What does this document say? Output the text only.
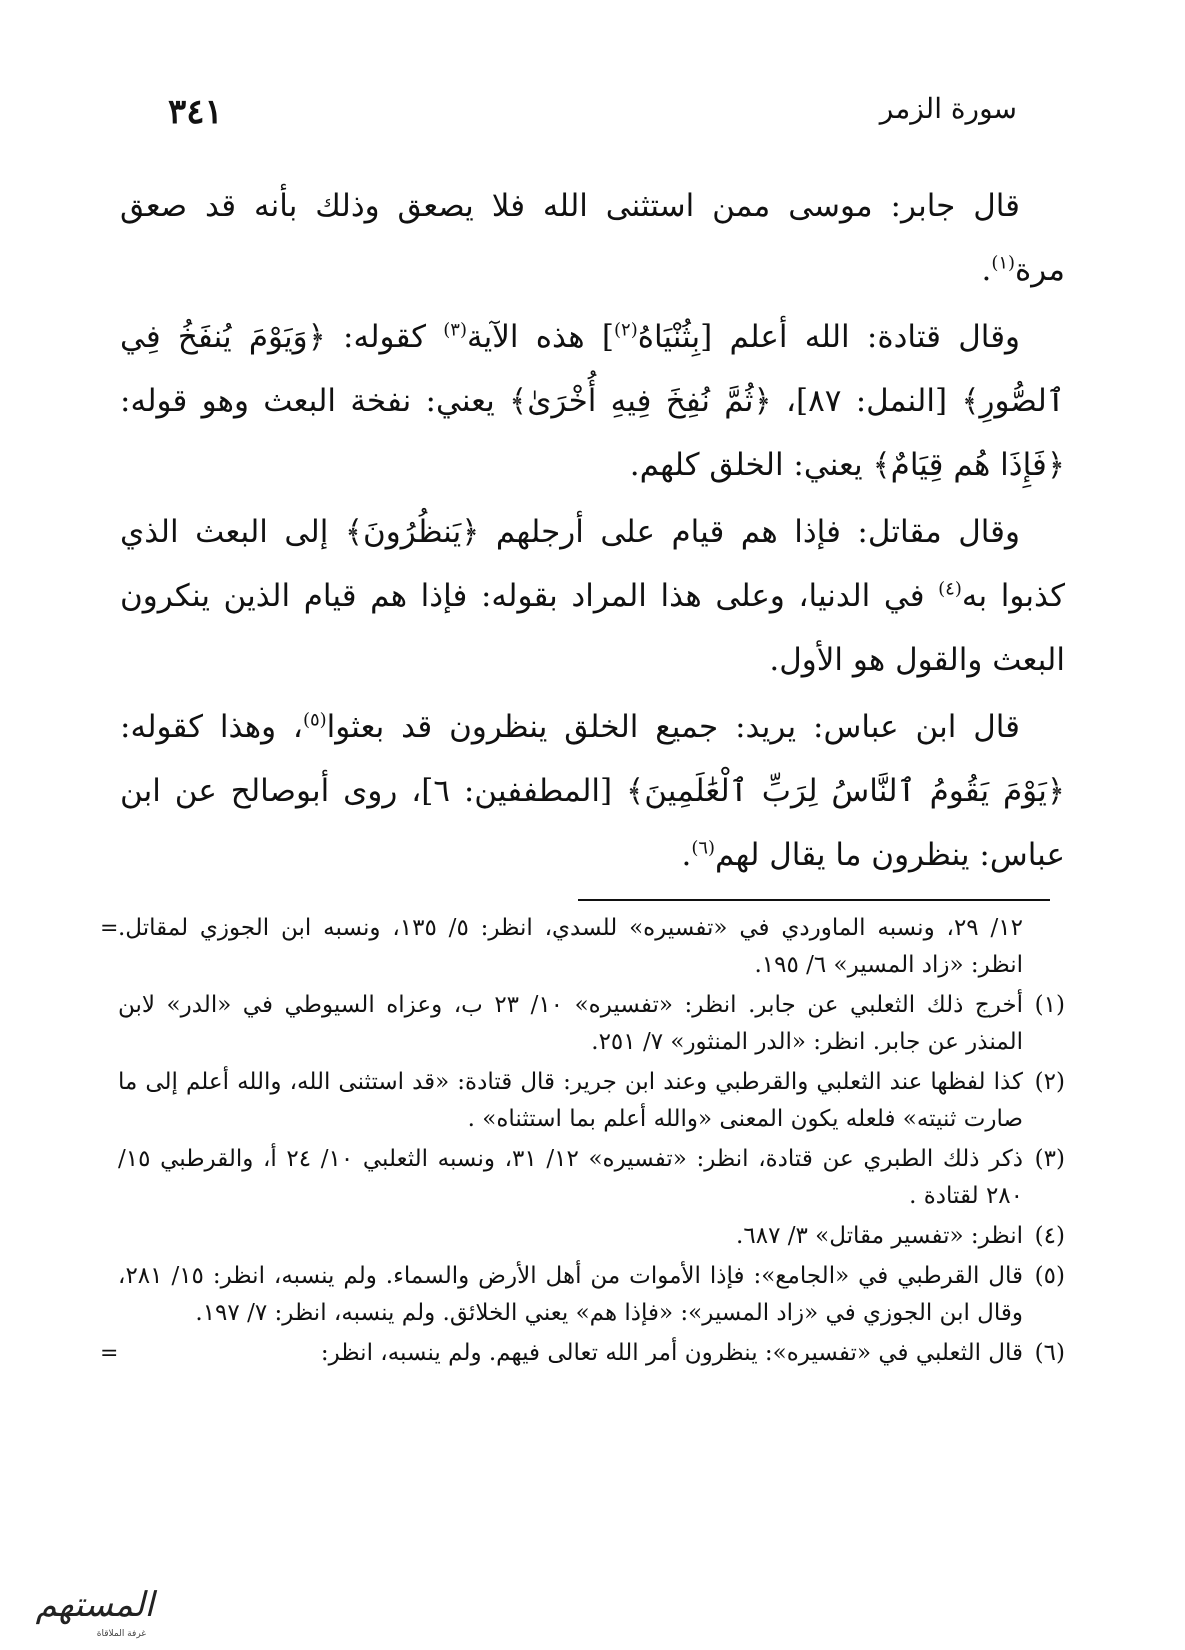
٣٤١	سورة الزمر

قال جابر: موسى ممن استثنى الله فلا يصعق وذلك بأنه قد صعق مرة$^{(١)}$.

وقال قتادة: الله أعلم [بِثُنْيَاهُ$^{(٢)}$] هذه الآية$^{(٣)}$ كقوله: ﴿وَيَوْمَ يُنفَخُ فِي ٱلصُّورِ﴾ [النمل: ٨٧]، ﴿ثُمَّ نُفِخَ فِيهِ أُخْرَىٰ﴾ يعني: نفخة البعث وهو قوله: ﴿فَإِذَا هُم قِيَامٌ﴾ يعني: الخلق كلهم.

وقال مقاتل: فإذا هم قيام على أرجلهم ﴿يَنظُرُونَ﴾ إلى البعث الذي كذبوا به$^{(٤)}$ في الدنيا، وعلى هذا المراد بقوله: فإذا هم قيام الذين ينكرون البعث والقول هو الأول.

قال ابن عباس: يريد: جميع الخلق ينظرون قد بعثوا$^{(٥)}$، وهذا كقوله: ﴿يَوْمَ يَقُومُ ٱلنَّاسُ لِرَبِّ ٱلْعَٰلَمِينَ﴾ [المطففين: ٦]، روى أبوصالح عن ابن عباس: ينظرون ما يقال لهم$^{(٦)}$.

= ١٢/ ٢٩، ونسبه الماوردي في «تفسيره» للسدي، انظر: ٥/ ١٣٥، ونسبه ابن الجوزي لمقاتل. انظر: «زاد المسير» ٦/ ١٩٥.

(١)
أخرج ذلك الثعلبي عن جابر. انظر: «تفسيره» ١٠/ ٢٣ ب، وعزاه السيوطي في «الدر» لابن المنذر عن جابر. انظر: «الدر المنثور» ٧/ ٢٥١.

(٢)
كذا لفظها عند الثعلبي والقرطبي وعند ابن جرير: قال قتادة: «قد استثنى الله، والله أعلم إلى ما صارت ثنيته» فلعله يكون المعنى «والله أعلم بما استثناه» .

(٣)
ذكر ذلك الطبري عن قتادة، انظر: «تفسيره» ١٢/ ٣١، ونسبه الثعلبي ١٠/ ٢٤ أ، والقرطبي ١٥/ ٢٨٠ لقتادة .

(٤)
انظر: «تفسير مقاتل» ٣/ ٦٨٧.

(٥)
قال القرطبي في «الجامع»: فإذا الأموات من أهل الأرض والسماء. ولم ينسبه، انظر: ١٥/ ٢٨١، وقال ابن الجوزي في «زاد المسير»: «فإذا هم» يعني الخلائق. ولم ينسبه، انظر: ٧/ ١٩٧.

(٦)
قال الثعلبي في «تفسيره»: ينظرون أمر الله تعالى فيهم. ولم ينسبه، انظر:
=

المستهم
غرفة الملاقاة
